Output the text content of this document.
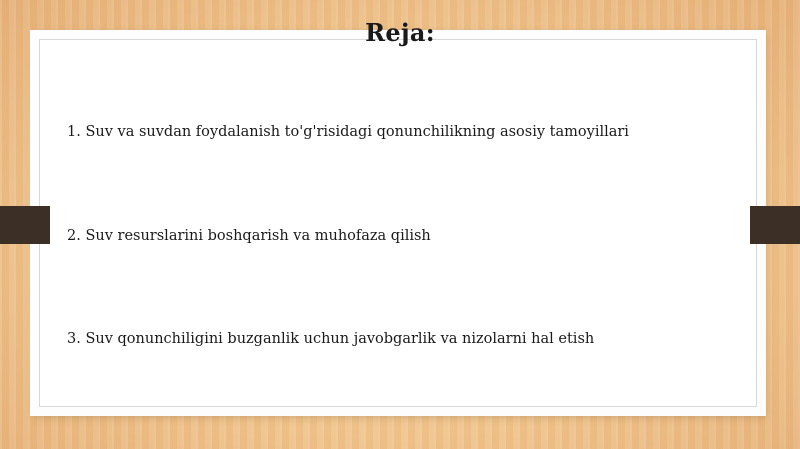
Reja:
1. Suv va suvdan foydalanish to'g'risidagi qonunchilikning asosiy tamoyillari
2. Suv resurslarini boshqarish va muhofaza qilish
3. Suv qonunchiligini buzganlik uchun javobgarlik va nizolarni hal etish
